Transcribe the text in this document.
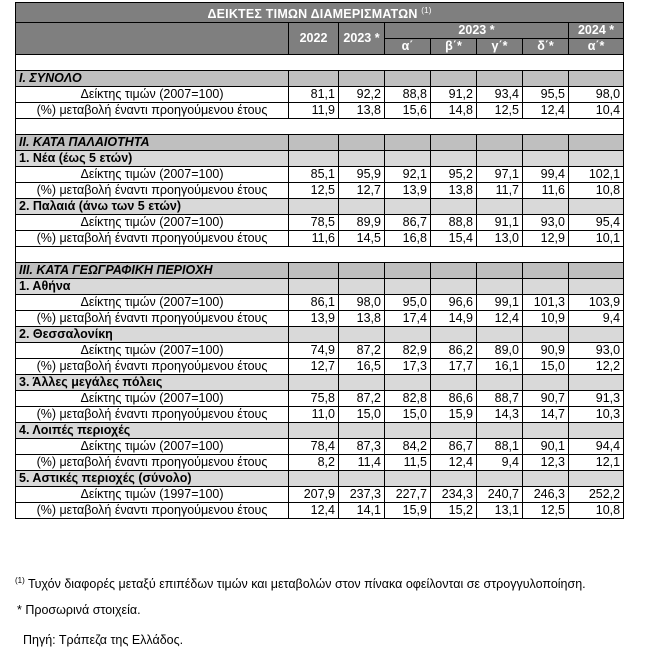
ΔΕΙΚΤΕΣ ΤΙΜΩΝ ΔΙΑΜΕΡΙΣΜΑΤΩΝ $^{(1)}$
	2022	2023 *	2023 *				2024 *
			α΄	β΄*	γ΄*	δ΄*	α΄*

I. ΣΥΝΟΛΟ							
Δείκτης τιμών (2007=100)	81,1	92,2	88,8	91,2	93,4	95,5	98,0
(%) μεταβολή έναντι προηγούμενου έτους	11,9	13,8	15,6	14,8	12,5	12,4	10,4

II. ΚΑΤΑ ΠΑΛΑΙΟΤΗΤΑ							
1. Νέα (έως 5 ετών)							
Δείκτης τιμών (2007=100)	85,1	95,9	92,1	95,2	97,1	99,4	102,1
(%) μεταβολή έναντι προηγούμενου έτους	12,5	12,7	13,9	13,8	11,7	11,6	10,8
2. Παλαιά (άνω των 5 ετών)							
Δείκτης τιμών (2007=100)	78,5	89,9	86,7	88,8	91,1	93,0	95,4
(%) μεταβολή έναντι προηγούμενου έτους	11,6	14,5	16,8	15,4	13,0	12,9	10,1

III. ΚΑΤΑ ΓΕΩΓΡΑΦΙΚΗ ΠΕΡΙΟΧΗ							
1. Αθήνα							
Δείκτης τιμών (2007=100)	86,1	98,0	95,0	96,6	99,1	101,3	103,9
(%) μεταβολή έναντι προηγούμενου έτους	13,9	13,8	17,4	14,9	12,4	10,9	9,4
2. Θεσσαλονίκη							
Δείκτης τιμών (2007=100)	74,9	87,2	82,9	86,2	89,0	90,9	93,0
(%) μεταβολή έναντι προηγούμενου έτους	12,7	16,5	17,3	17,7	16,1	15,0	12,2
3. Άλλες μεγάλες πόλεις							
Δείκτης τιμών (2007=100)	75,8	87,2	82,8	86,6	88,7	90,7	91,3
(%) μεταβολή έναντι προηγούμενου έτους	11,0	15,0	15,0	15,9	14,3	14,7	10,3
4. Λοιπές περιοχές							
Δείκτης τιμών (2007=100)	78,4	87,3	84,2	86,7	88,1	90,1	94,4
(%) μεταβολή έναντι προηγούμενου έτους	8,2	11,4	11,5	12,4	9,4	12,3	12,1
5. Αστικές περιοχές (σύνολο)							
Δείκτης τιμών (1997=100)	207,9	237,3	227,7	234,3	240,7	246,3	252,2
(%) μεταβολή έναντι προηγούμενου έτους	12,4	14,1	15,9	15,2	13,1	12,5	10,8
$^{(1)}$ Τυχόν διαφορές μεταξύ επιπέδων τιμών και μεταβολών στον πίνακα οφείλονται σε στρογγυλοποίηση.
* Προσωρινά στοιχεία.
Πηγή: Τράπεζα της Ελλάδος.
